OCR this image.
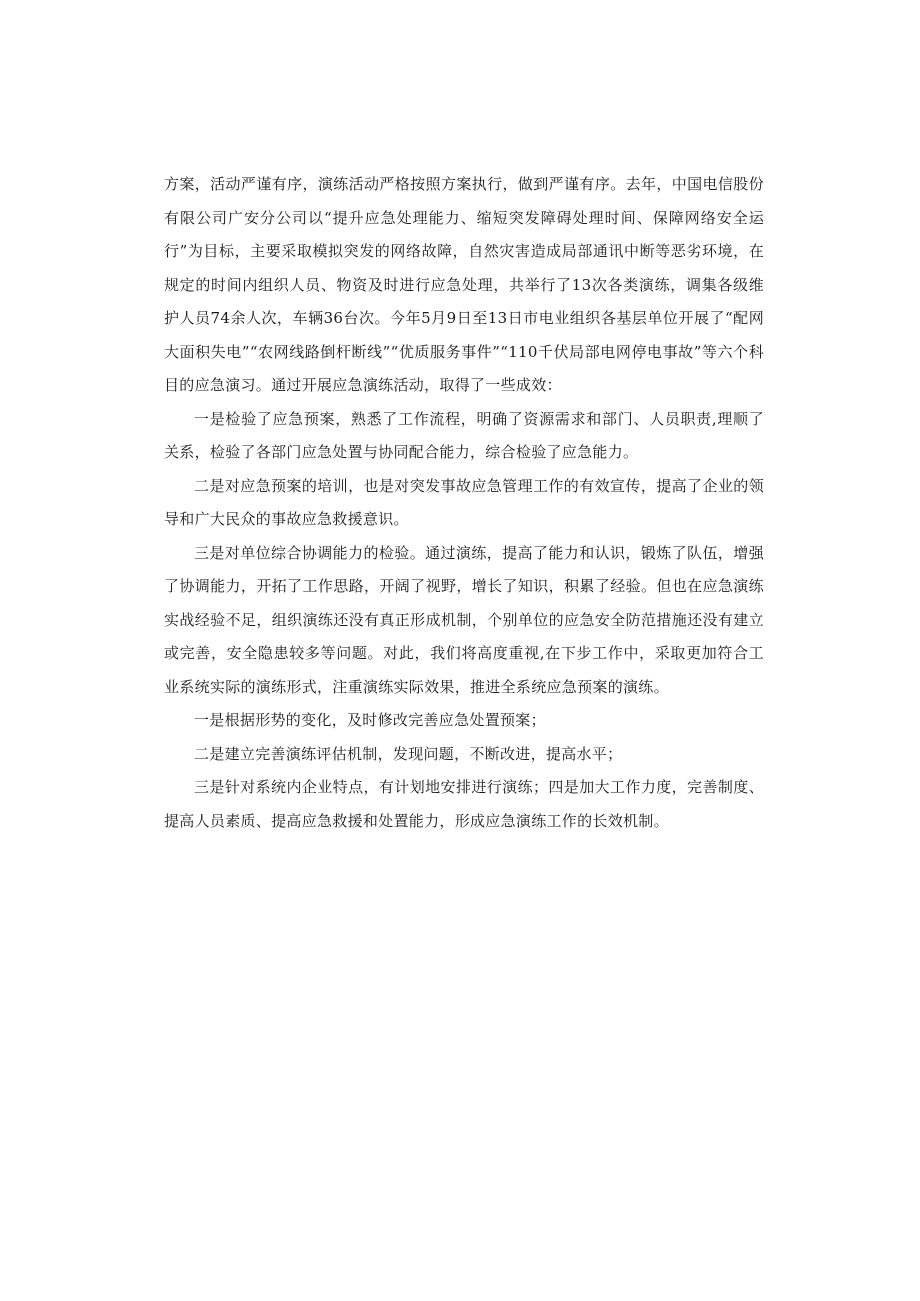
方案，活动严谨有序，演练活动严格按照方案执行，做到严谨有序。去年，中国电信股份有限公司广安分公司以“提升应急处理能力、缩短突发障碍处理时间、保障网络安全运行”为目标，主要采取模拟突发的网络故障，自然灾害造成局部通讯中断等恶劣环境，在规定的时间内组织人员、物资及时进行应急处理，共举行了13次各类演练，调集各级维护人员74余人次，车辆36台次。今年5月9日至13日市电业组织各基层单位开展了“配网大面积失电”“农网线路倒杆断线”“优质服务事件”“110千伏局部电网停电事故”等六个科目的应急演习。通过开展应急演练活动，取得了一些成效：

一是检验了应急预案，熟悉了工作流程，明确了资源需求和部门、人员职责,理顺了关系，检验了各部门应急处置与协同配合能力，综合检验了应急能力。

二是对应急预案的培训，也是对突发事故应急管理工作的有效宣传，提高了企业的领导和广大民众的事故应急救援意识。

三是对单位综合协调能力的检验。通过演练，提高了能力和认识，锻炼了队伍，增强了协调能力，开拓了工作思路，开阔了视野，增长了知识，积累了经验。但也在应急演练实战经验不足，组织演练还没有真正形成机制，个别单位的应急安全防范措施还没有建立或完善，安全隐患较多等问题。对此，我们将高度重视,在下步工作中，采取更加符合工业系统实际的演练形式，注重演练实际效果，推进全系统应急预案的演练。

一是根据形势的变化，及时修改完善应急处置预案；

二是建立完善演练评估机制，发现问题，不断改进，提高水平；

三是针对系统内企业特点，有计划地安排进行演练；四是加大工作力度，完善制度、提高人员素质、提高应急救援和处置能力，形成应急演练工作的长效机制。
